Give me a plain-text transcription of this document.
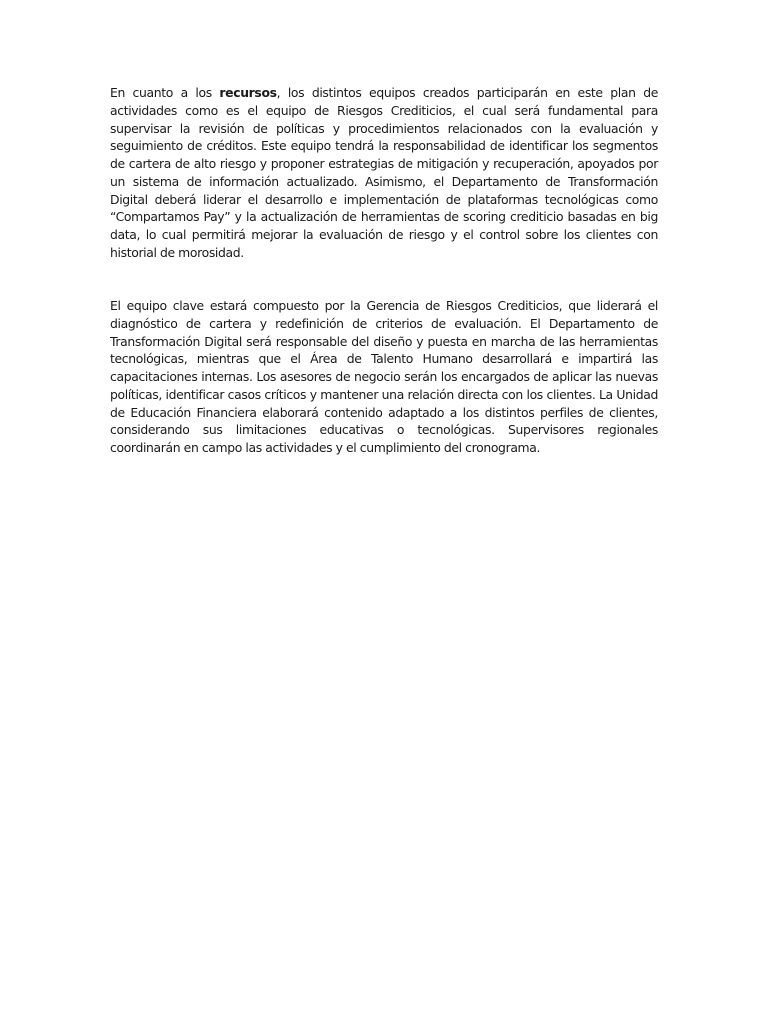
En cuanto a los recursos, los distintos equipos creados participarán en este plan de actividades como es el equipo de Riesgos Crediticios, el cual será fundamental para supervisar la revisión de políticas y procedimientos relacionados con la evaluación y seguimiento de créditos. Este equipo tendrá la responsabilidad de identificar los segmentos de cartera de alto riesgo y proponer estrategias de mitigación y recuperación, apoyados por un sistema de información actualizado. Asimismo, el Departamento de Transformación Digital deberá liderar el desarrollo e implementación de plataformas tecnológicas como “Compartamos Pay” y la actualización de herramientas de scoring crediticio basadas en big data, lo cual permitirá mejorar la evaluación de riesgo y el control sobre los clientes con historial de morosidad.

El equipo clave estará compuesto por la Gerencia de Riesgos Crediticios, que liderará el diagnóstico de cartera y redefinición de criterios de evaluación. El Departamento de Transformación Digital será responsable del diseño y puesta en marcha de las herramientas tecnológicas, mientras que el Área de Talento Humano desarrollará e impartirá las capacitaciones internas. Los asesores de negocio serán los encargados de aplicar las nuevas políticas, identificar casos críticos y mantener una relación directa con los clientes. La Unidad de Educación Financiera elaborará contenido adaptado a los distintos perfiles de clientes, considerando sus limitaciones educativas o tecnológicas. Supervisores regionales coordinarán en campo las actividades y el cumplimiento del cronograma.
